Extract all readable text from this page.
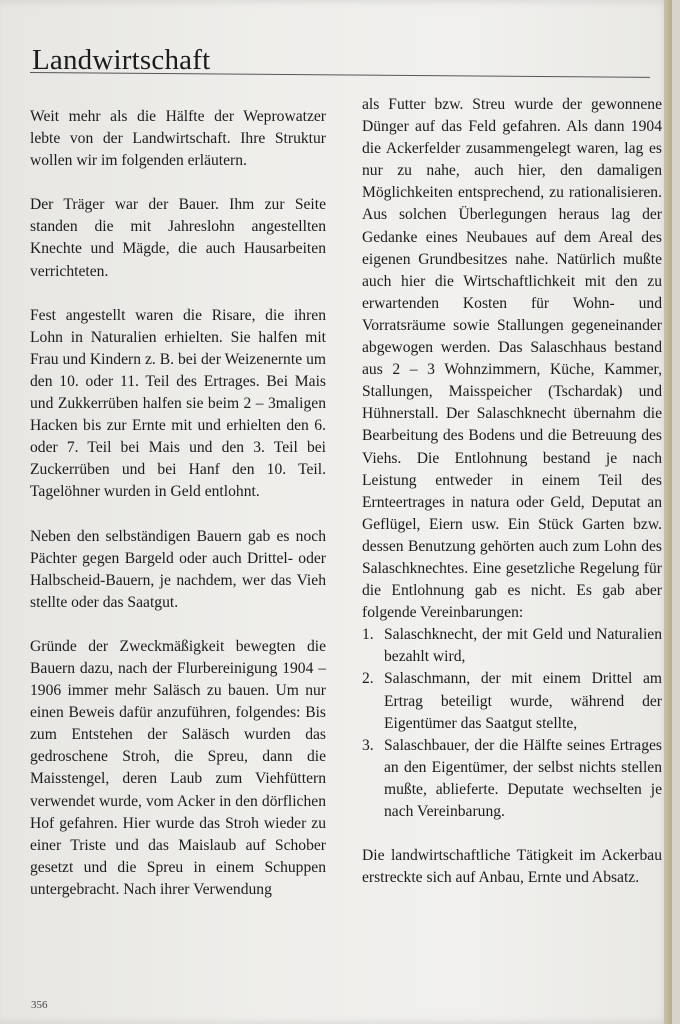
Landwirtschaft

Weit mehr als die Hälfte der Weprowatzer lebte von der Landwirtschaft. Ihre Struktur wollen wir im folgenden erläutern.

Der Träger war der Bauer. Ihm zur Seite standen die mit Jahreslohn angestellten Knechte und Mägde, die auch Hausarbeiten verrichteten.

Fest angestellt waren die Risare, die ihren Lohn in Naturalien erhielten. Sie halfen mit Frau und Kindern z. B. bei der Weizenernte um den 10. oder 11. Teil des Ertrages. Bei Mais und Zukkerrüben halfen sie beim 2 – 3maligen Hacken bis zur Ernte mit und erhielten den 6. oder 7. Teil bei Mais und den 3. Teil bei Zuckerrüben und bei Hanf den 10. Teil. Tagelöhner wurden in Geld entlohnt.

Neben den selbständigen Bauern gab es noch Pächter gegen Bargeld oder auch Drittel- oder Halbscheid-Bauern, je nachdem, wer das Vieh stellte oder das Saatgut.

Gründe der Zweckmäßigkeit bewegten die Bauern dazu, nach der Flurbereinigung 1904 – 1906 immer mehr Saläsch zu bauen. Um nur einen Beweis dafür anzuführen, folgendes: Bis zum Entstehen der Saläsch wurden das gedroschene Stroh, die Spreu, dann die Maisstengel, deren Laub zum Viehfüttern verwendet wurde, vom Acker in den dörflichen Hof gefahren. Hier wurde das Stroh wieder zu einer Triste und das Maislaub auf Schober gesetzt und die Spreu in einem Schuppen untergebracht. Nach ihrer Verwendung

als Futter bzw. Streu wurde der gewonnene Dünger auf das Feld gefahren. Als dann 1904 die Ackerfelder zusammengelegt waren, lag es nur zu nahe, auch hier, den damaligen Möglichkeiten entsprechend, zu rationalisieren. Aus solchen Überlegungen heraus lag der Gedanke eines Neubaues auf dem Areal des eigenen Grundbesitzes nahe. Natürlich mußte auch hier die Wirtschaftlichkeit mit den zu erwartenden Kosten für Wohn- und Vorratsräume sowie Stallungen gegeneinander abgewogen werden. Das Salaschhaus bestand aus 2 – 3 Wohnzimmern, Küche, Kammer, Stallungen, Maisspeicher (Tschardak) und Hühnerstall. Der Salaschknecht übernahm die Bearbeitung des Bodens und die Betreuung des Viehs. Die Entlohnung bestand je nach Leistung entweder in einem Teil des Ernteertrages in natura oder Geld, Deputat an Geflügel, Eiern usw. Ein Stück Garten bzw. dessen Benutzung gehörten auch zum Lohn des Salaschknechtes. Eine gesetzliche Regelung für die Entlohnung gab es nicht. Es gab aber folgende Vereinbarungen:

1. Salaschknecht, der mit Geld und Naturalien bezahlt wird,
2. Salaschmann, der mit einem Drittel am Ertrag beteiligt wurde, während der Eigentümer das Saatgut stellte,
3. Salaschbauer, der die Hälfte seines Ertrages an den Eigentümer, der selbst nichts stellen mußte, ablieferte. Deputate wechselten je nach Vereinbarung.

Die landwirtschaftliche Tätigkeit im Ackerbau erstreckte sich auf Anbau, Ernte und Absatz.

356
